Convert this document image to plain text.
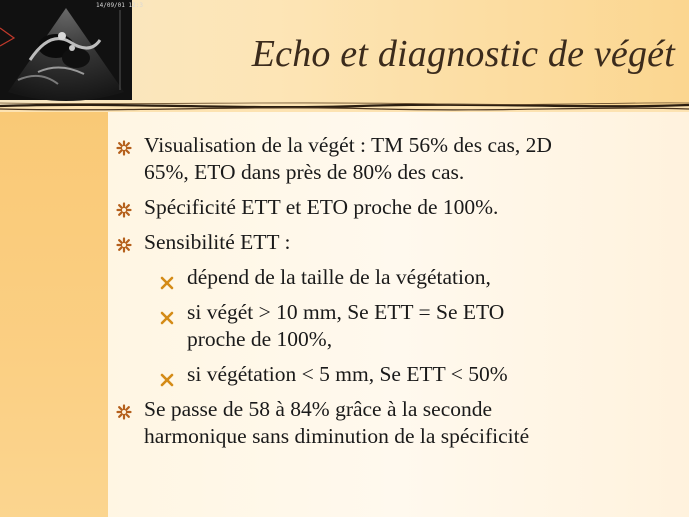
14/09/01 12:3
Echo et diagnostic de végét
Visualisation de la végét : TM 56% des cas, 2D
65%, ETO dans près de 80% des cas.
Spécificité ETT et ETO proche de 100%.
Sensibilité ETT :
dépend de la taille de la végétation,
si végét > 10 mm, Se ETT = Se ETO
proche de 100%,
si végétation < 5 mm, Se ETT < 50%
Se passe de 58 à 84% grâce à la seconde
harmonique sans diminution de la spécificité
